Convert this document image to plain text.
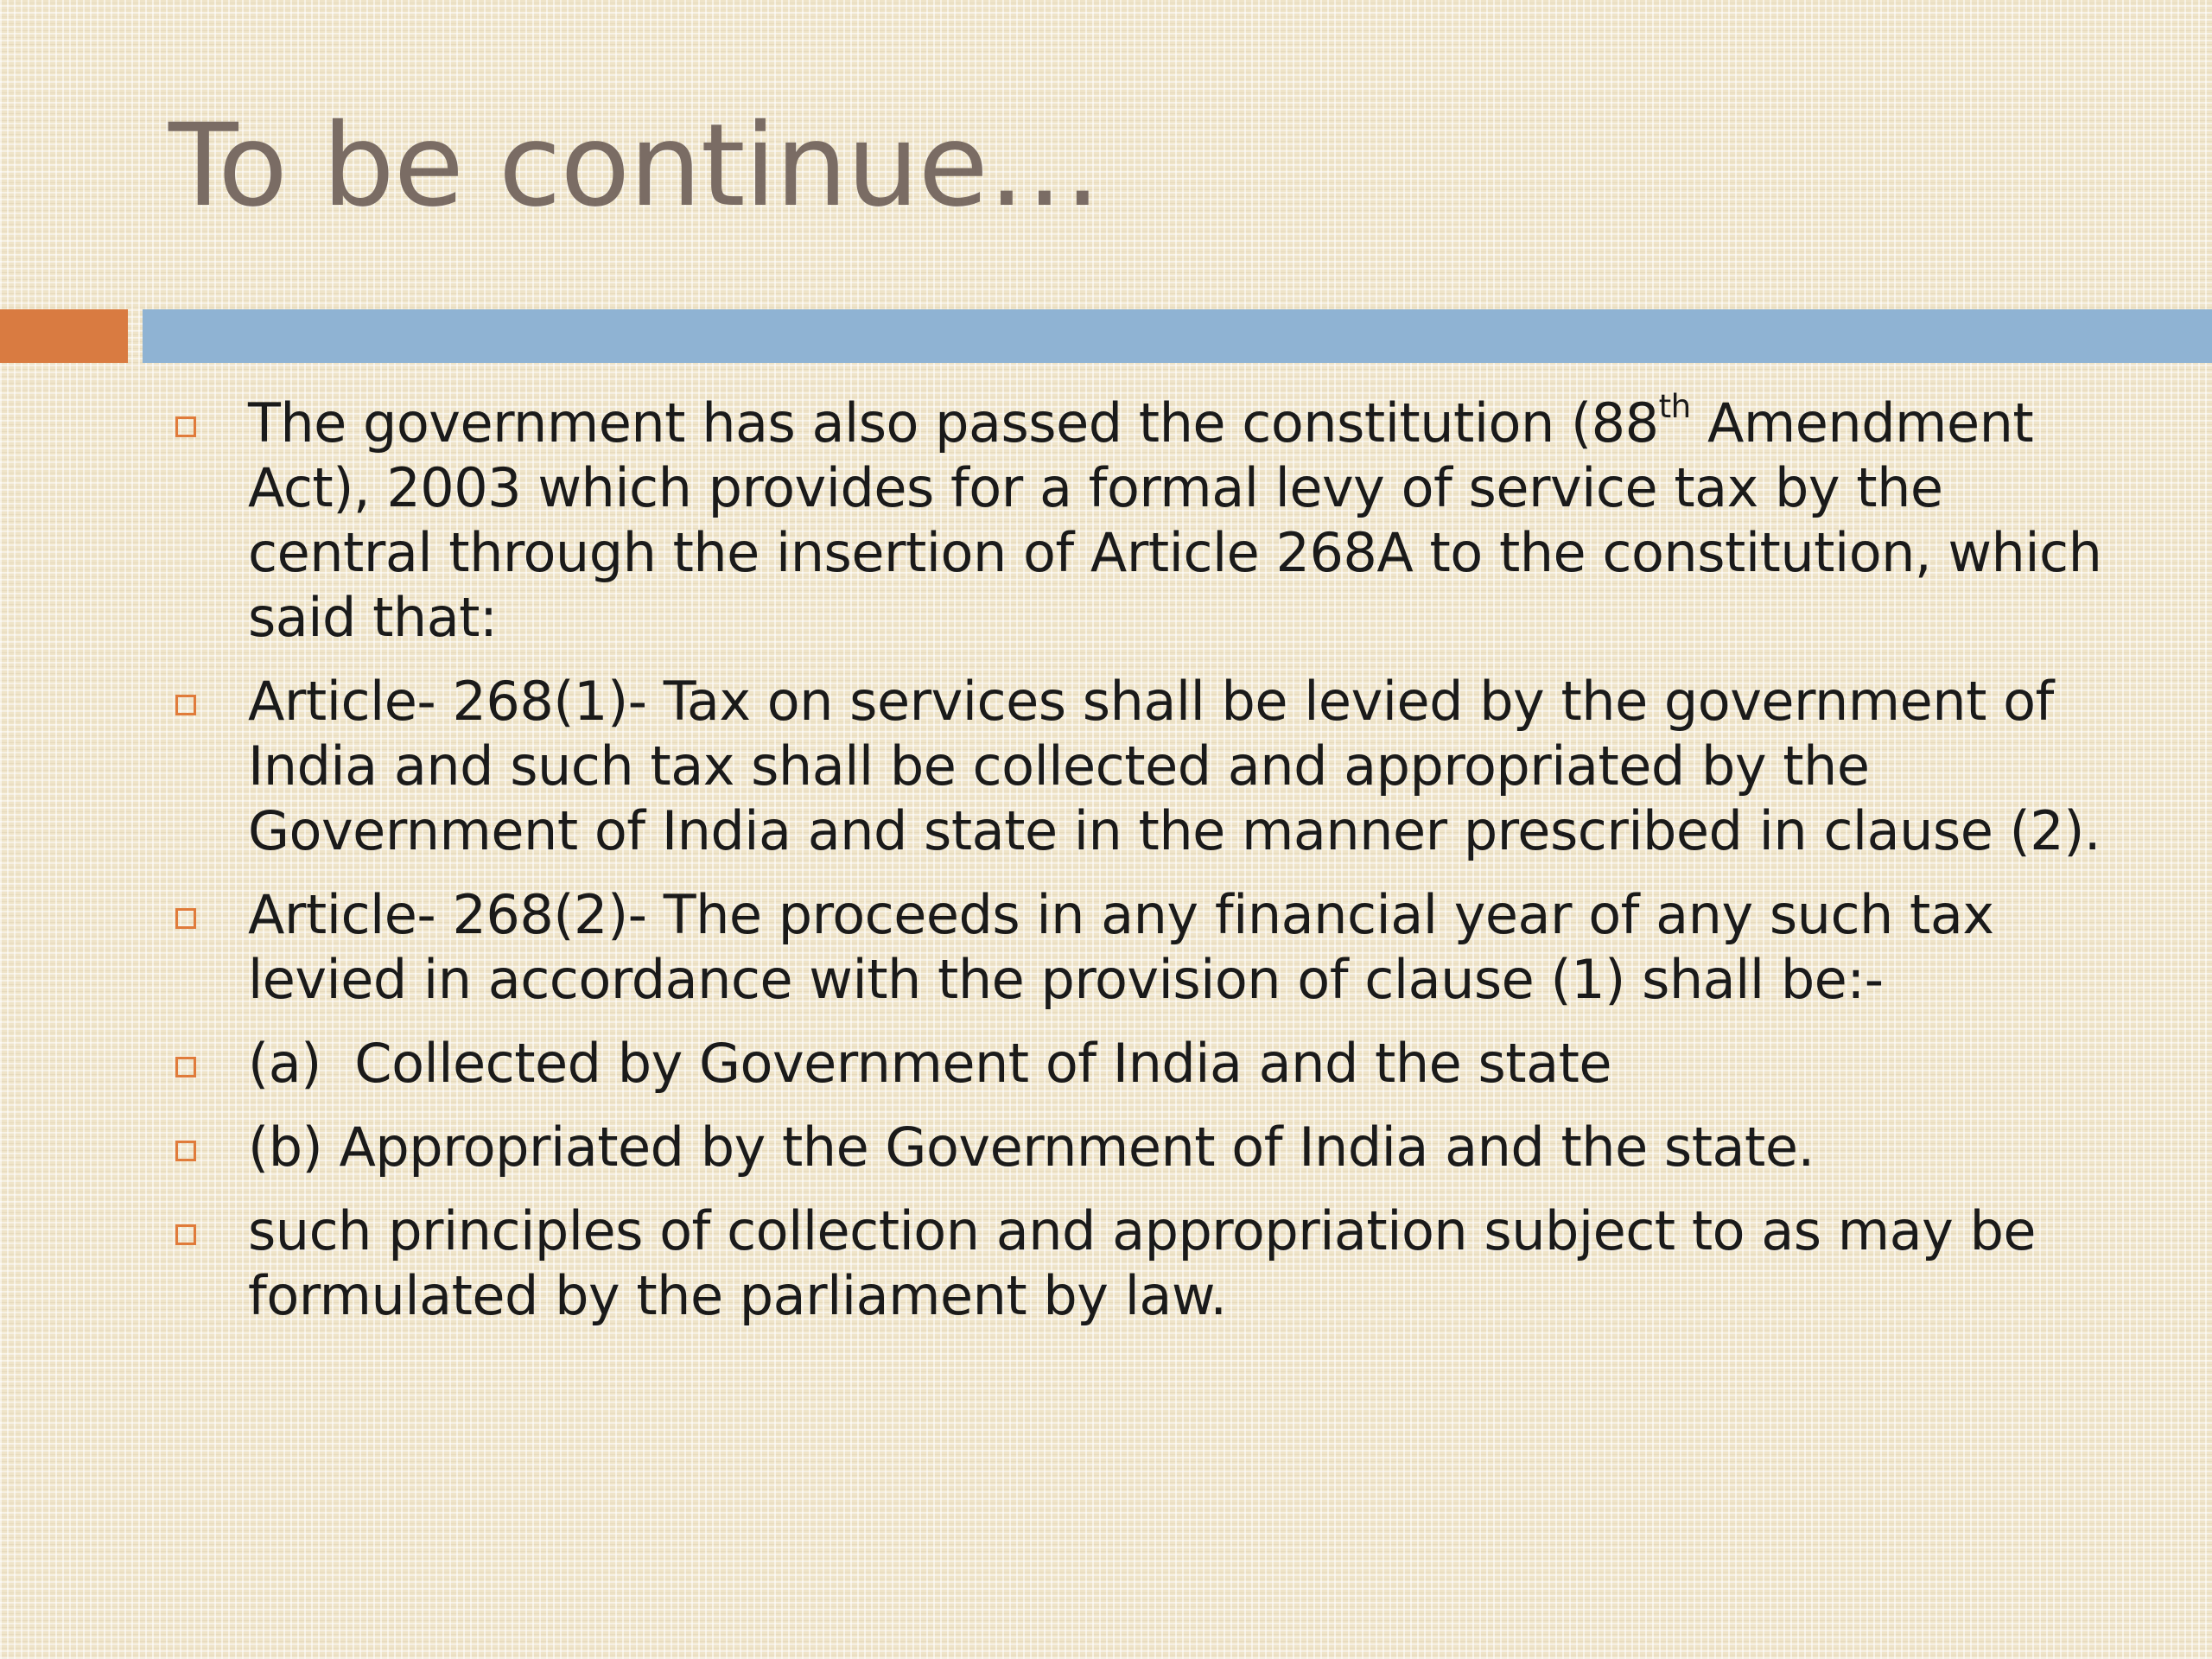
To be continue…
The government has also passed the constitution (88th Amendment Act), 2003 which provides for a formal levy of service tax by the central through the insertion of Article 268A to the constitution, which said that:
Article- 268(1)- Tax on services shall be levied by the government of India and such tax shall be collected and appropriated by the Government of India and state in the manner prescribed in clause (2).
Article- 268(2)- The proceeds in any financial year of any such tax levied in accordance with the provision of clause (1) shall be:-
(a)  Collected by Government of India and the state
(b) Appropriated by the Government of India and the state.
such principles of collection and appropriation subject to as may be formulated by the parliament by law.
